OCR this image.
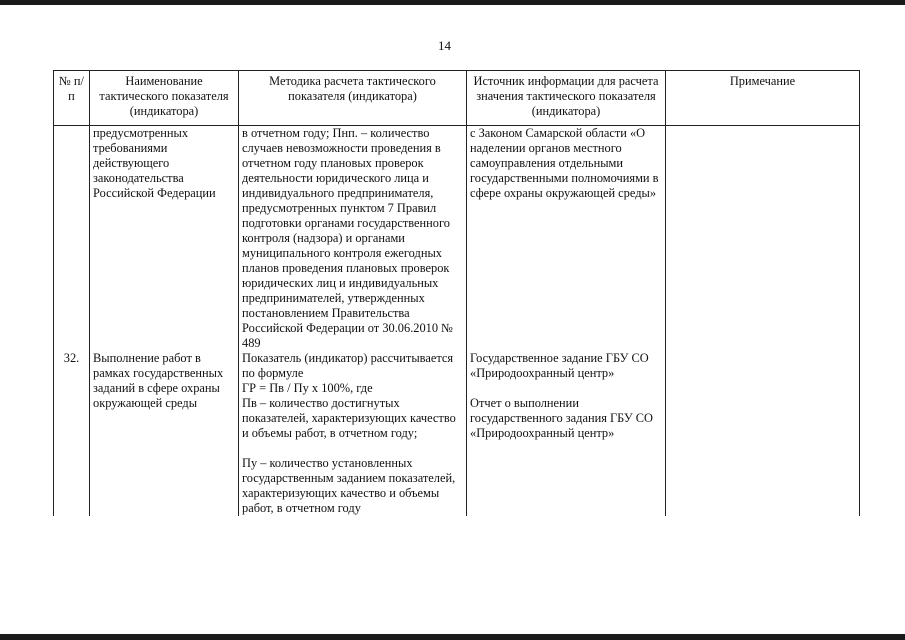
14
№ п/п	Наименование тактического показателя (индикатора)	Методика расчета тактического показателя (индикатора)	Источник информации для расчета значения тактического показателя (индикатора)	Примечание
	предусмотренных требованиями действующего законодательства Российской Федерации	в отчетном году; Пнп. – количество случаев невозможности проведения в отчетном году плановых проверок деятельности юридического лица и индивидуального предпринимателя, предусмотренных пунктом 7 Правил подготовки органами государственного контроля (надзора) и органами муниципального контроля ежегодных планов проведения плановых проверок юридических лиц и индивидуальных предпринимателей, утвержденных постановлением Правительства Российской Федерации от 30.06.2010 № 489	с Законом Самарской области «О наделении органов местного самоуправления отдельными государственными полномочиями в сфере охраны окружающей среды»	
32.	Выполнение работ в рамках государственных заданий в сфере охраны окружающей среды	Показатель (индикатор) рассчитывается по формуле
ГР = Пв / Пу x 100%, где
Пв – количество достигнутых показателей, характеризующих качество и объемы работ, в отчетном году;
Пу – количество установленных государственным заданием показателей, характеризующих качество и объемы работ, в отчетном году	Государственное задание ГБУ СО «Природоохранный центр»
Отчет о выполнении государственного задания ГБУ СО «Природоохранный центр»	
